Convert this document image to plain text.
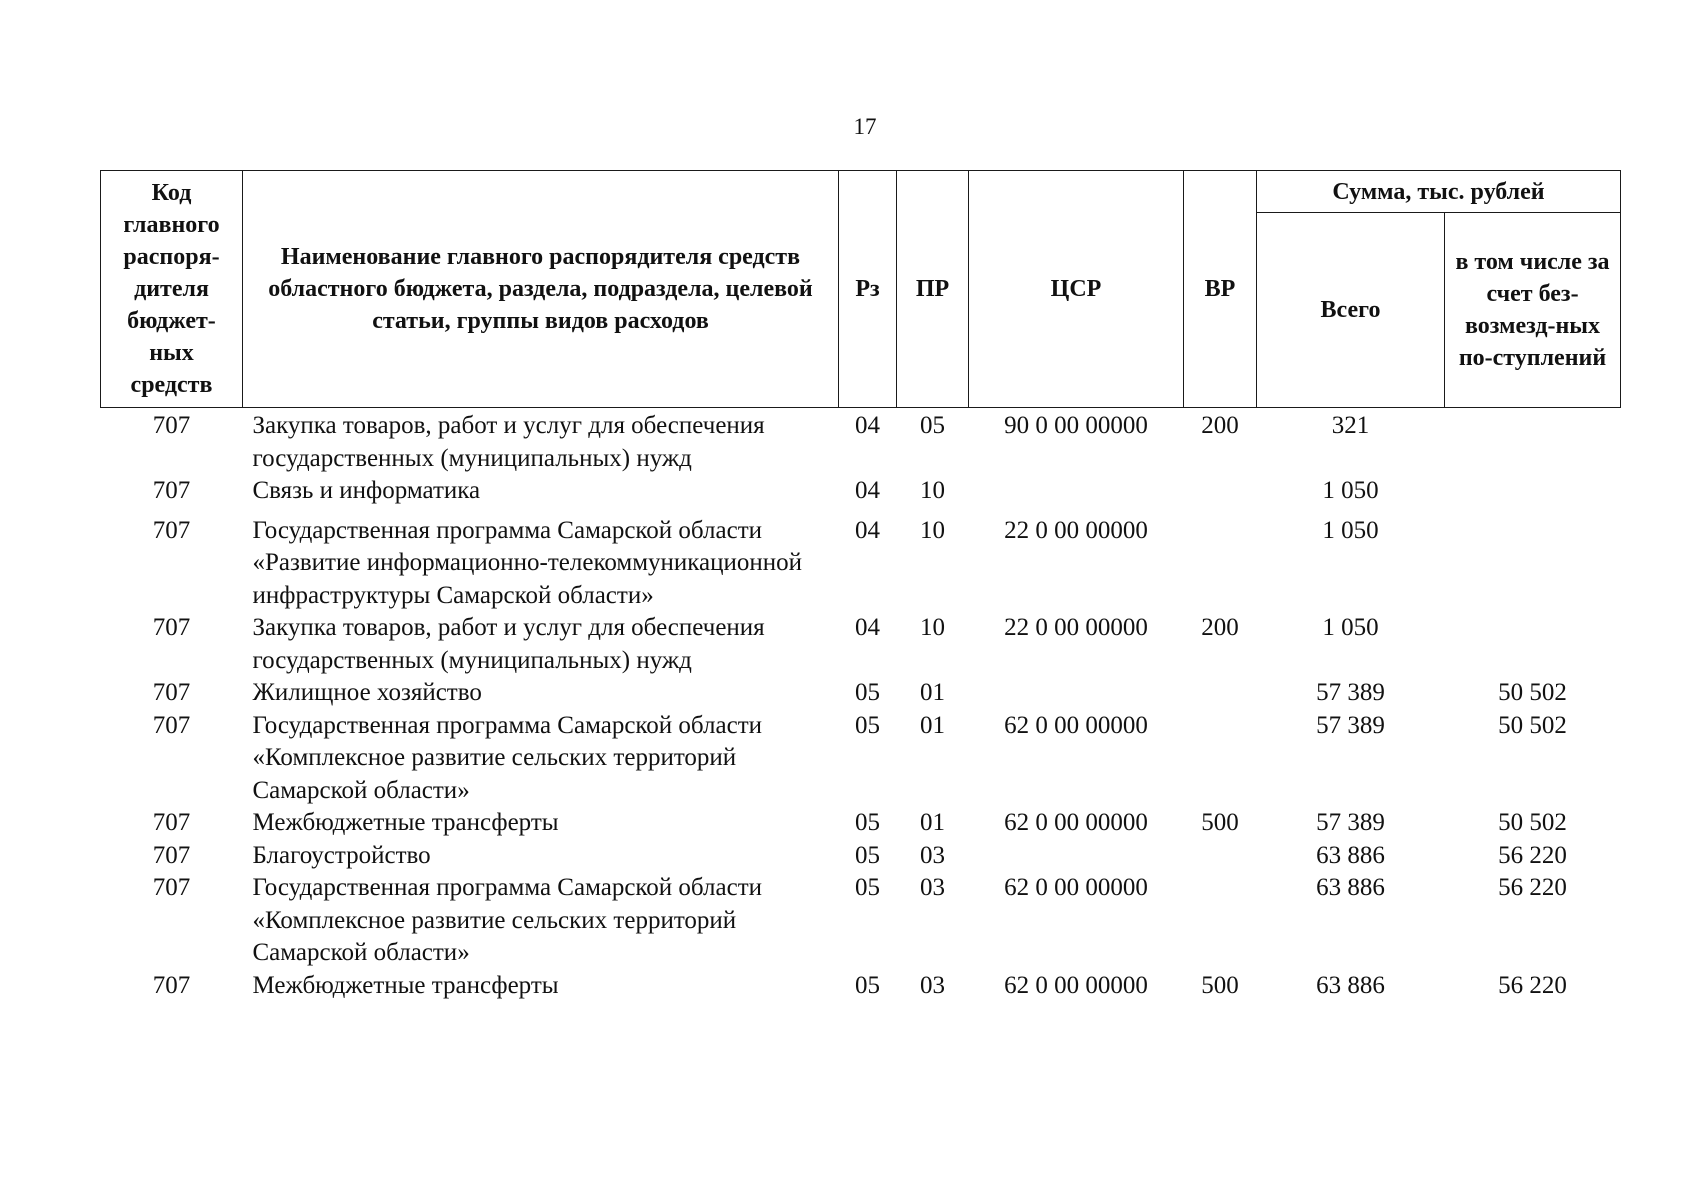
17
Код главного распоря-дителя бюджет-ных средств	Наименование главного распорядителя средств областного бюджета, раздела, подраздела, целевой статьи, группы видов расходов	Рз	ПР	ЦСР	ВР	Сумма, тыс. рублей	
						Всего	в том числе за счет без-возмезд-ных по-ступлений
707	Закупка товаров, работ и услуг для обеспечения государственных (муниципальных) нужд	04	05	90 0 00 00000	200	321	
707	Связь и информатика	04	10			1 050	
707	Государственная программа Самарской области «Развитие информационно-телекоммуникационной инфраструктуры Самарской области»	04	10	22 0 00 00000		1 050	
707	Закупка товаров, работ и услуг для обеспечения государственных (муниципальных) нужд	04	10	22 0 00 00000	200	1 050	
707	Жилищное хозяйство	05	01			57 389	50 502
707	Государственная программа Самарской области «Комплексное развитие сельских территорий Самарской области»	05	01	62 0 00 00000		57 389	50 502
707	Межбюджетные трансферты	05	01	62 0 00 00000	500	57 389	50 502
707	Благоустройство	05	03			63 886	56 220
707	Государственная программа Самарской области «Комплексное развитие сельских территорий Самарской области»	05	03	62 0 00 00000		63 886	56 220
707	Межбюджетные трансферты	05	03	62 0 00 00000	500	63 886	56 220
